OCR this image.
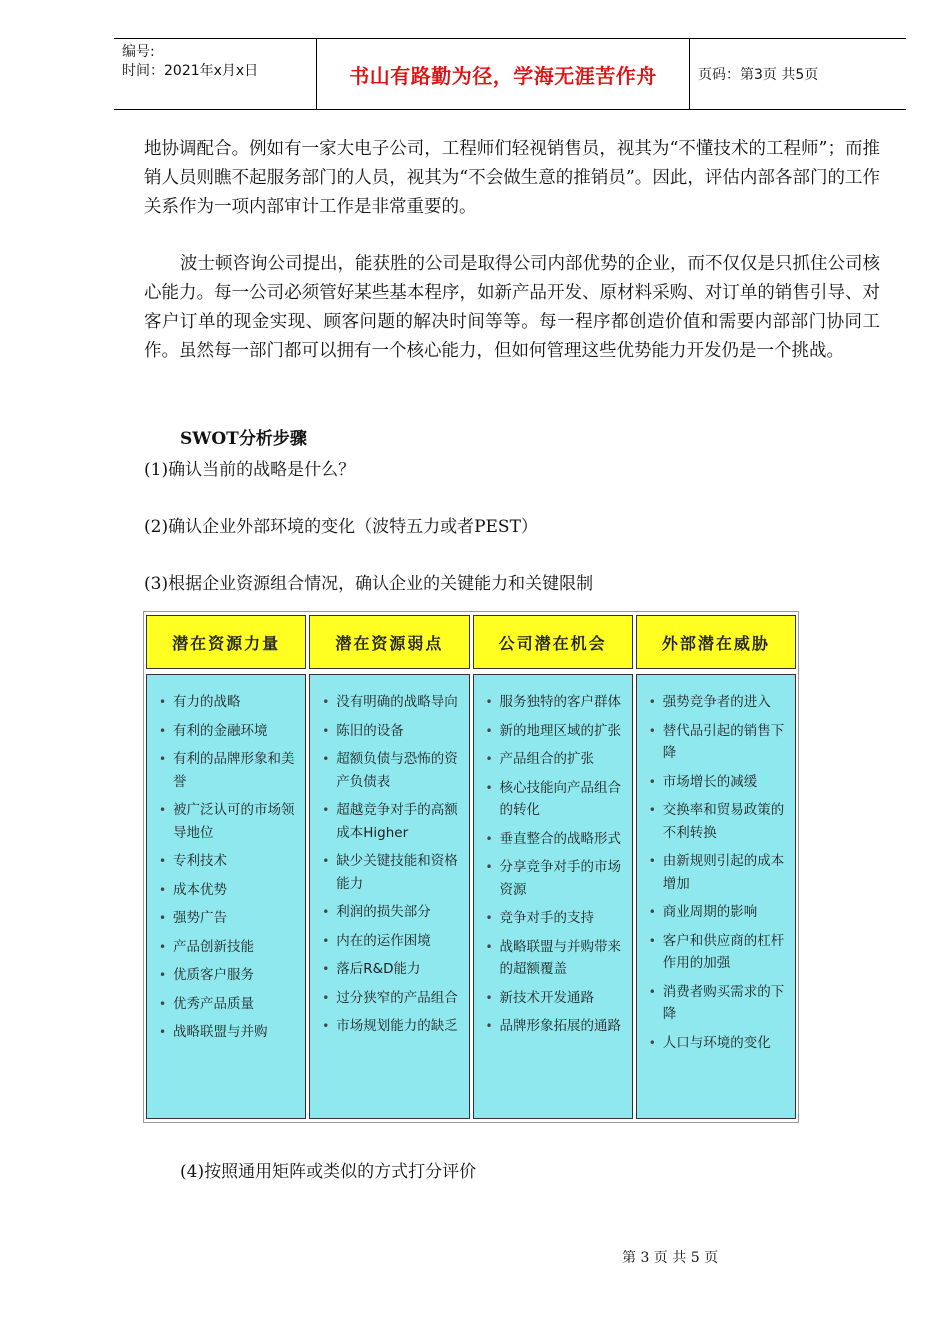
编号:
时间：2021年x月x日	书山有路勤为径，学海无涯苦作舟	页码：第3页 共5页
地协调配合。例如有一家大电子公司，工程师们轻视销售员，视其为“不懂技术的工程师”；而推销人员则瞧不起服务部门的人员，视其为“不会做生意的推销员”。因此，评估内部各部门的工作关系作为一项内部审计工作是非常重要的。
波士顿咨询公司提出，能获胜的公司是取得公司内部优势的企业，而不仅仅是只抓住公司核心能力。每一公司必须管好某些基本程序，如新产品开发、原材料采购、对订单的销售引导、对客户订单的现金实现、顾客问题的解决时间等等。每一程序都创造价值和需要内部部门协同工作。虽然每一部门都可以拥有一个核心能力，但如何管理这些优势能力开发仍是一个挑战。
SWOT分析步骤
(1)确认当前的战略是什么？
(2)确认企业外部环境的变化（波特五力或者PEST）
(3)根据企业资源组合情况，确认企业的关键能力和关键限制
潜在资源力量
• 有力的战略
• 有利的金融环境
• 有利的品牌形象和美誉
• 被广泛认可的市场领导地位
• 专利技术
• 成本优势
• 强势广告
• 产品创新技能
• 优质客户服务
• 优秀产品质量
• 战略联盟与并购
潜在资源弱点
• 没有明确的战略导向
• 陈旧的设备
• 超额负债与恐怖的资产负债表
• 超越竞争对手的高额成本Higher
• 缺少关键技能和资格能力
• 利润的损失部分
• 内在的运作困境
• 落后R&D能力
• 过分狭窄的产品组合
• 市场规划能力的缺乏
公司潜在机会
• 服务独特的客户群体
• 新的地理区域的扩张
• 产品组合的扩张
• 核心技能向产品组合的转化
• 垂直整合的战略形式
• 分享竞争对手的市场资源
• 竞争对手的支持
• 战略联盟与并购带来的超额覆盖
• 新技术开发通路
• 品牌形象拓展的通路
外部潜在威胁
• 强势竞争者的进入
• 替代品引起的销售下降
• 市场增长的减缓
• 交换率和贸易政策的不利转换
• 由新规则引起的成本增加
• 商业周期的影响
• 客户和供应商的杠杆作用的加强
• 消费者购买需求的下降
• 人口与环境的变化
(4)按照通用矩阵或类似的方式打分评价
第 3 页 共 5 页
